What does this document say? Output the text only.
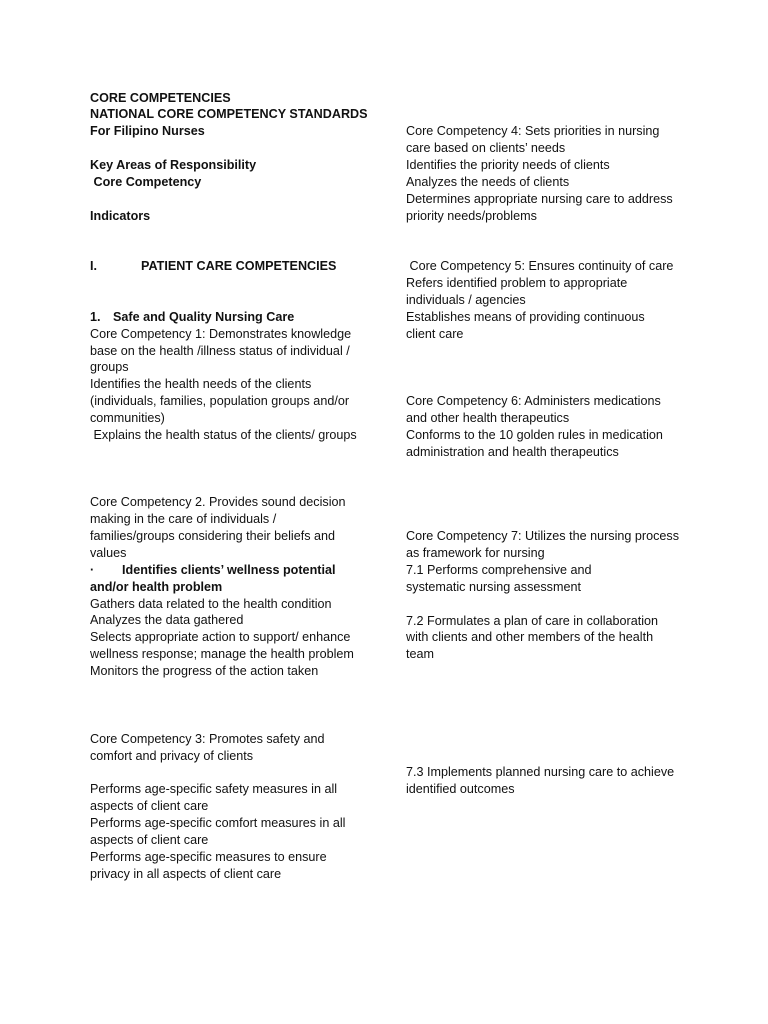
CORE COMPETENCIES
NATIONAL CORE COMPETENCY STANDARDS
For Filipino Nurses
Key Areas of Responsibility
Core Competency
Indicators
I.	PATIENT CARE COMPETENCIES
1. Safe and Quality Nursing Care
Core Competency 1: Demonstrates knowledge
base on the health /illness status of individual /
groups
Identifies the health needs of the clients
(individuals, families, population groups and/or
communities)
Explains the health status of the clients/ groups
Core Competency 2. Provides sound decision
making in the care of individuals /
families/groups considering their beliefs and
values
· Identifies clients’ wellness potential
and/or health problem
Gathers data related to the health condition
Analyzes the data gathered
Selects appropriate action to support/ enhance
wellness response; manage the health problem
Monitors the progress of the action taken
Core Competency 3: Promotes safety and
comfort and privacy of clients
Performs age-specific safety measures in all
aspects of client care
Performs age-specific comfort measures in all
aspects of client care
Performs age-specific measures to ensure
privacy in all aspects of client care
Core Competency 4: Sets priorities in nursing
care based on clients’ needs
Identifies the priority needs of clients
Analyzes the needs of clients
Determines appropriate nursing care to address
priority needs/problems
Core Competency 5: Ensures continuity of care
Refers identified problem to appropriate
individuals / agencies
Establishes means of providing continuous
client care
Core Competency 6: Administers medications
and other health therapeutics
Conforms to the 10 golden rules in medication
administration and health therapeutics
Core Competency 7: Utilizes the nursing process
as framework for nursing
7.1 Performs comprehensive and
systematic nursing assessment
7.2 Formulates a plan of care in collaboration
with clients and other members of the health
team
7.3 Implements planned nursing care to achieve
identified outcomes
